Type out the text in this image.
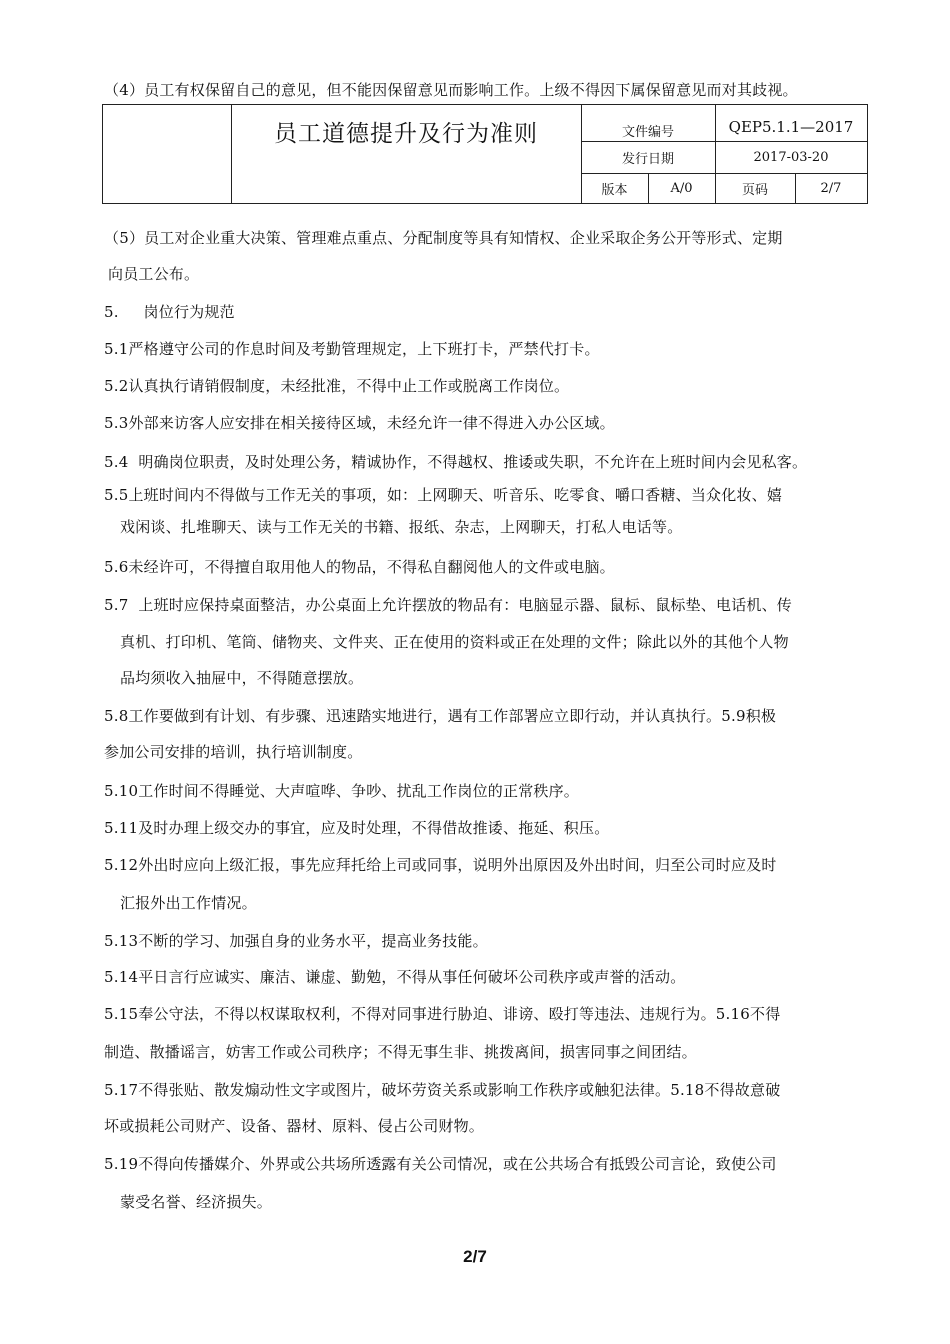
（4）员工有权保留自己的意见，但不能因保留意见而影响工作。上级不得因下属保留意见而对其歧视。
员工道德提升及行为准则	文件编号	QEP5.1.1—2017
发行日期	2017-03-20
版本	A/0	页码	2/7
（5）员工对企业重大决策、管理难点重点、分配制度等具有知情权、企业采取企务公开等形式、定期
向员工公布。
5.     岗位行为规范
5.1严格遵守公司的作息时间及考勤管理规定，上下班打卡，严禁代打卡。
5.2认真执行请销假制度，未经批准，不得中止工作或脱离工作岗位。
5.3外部来访客人应安排在相关接待区域，未经允许一律不得进入办公区域。
5.4  明确岗位职责，及时处理公务，精诚协作，不得越权、推诿或失职，不允许在上班时间内会见私客。
5.5上班时间内不得做与工作无关的事项，如：上网聊天、听音乐、吃零食、嚼口香糖、当众化妆、嬉
戏闲谈、扎堆聊天、读与工作无关的书籍、报纸、杂志，上网聊天，打私人电话等。
5.6未经许可，不得擅自取用他人的物品，不得私自翻阅他人的文件或电脑。
5.7  上班时应保持桌面整洁，办公桌面上允许摆放的物品有：电脑显示器、鼠标、鼠标垫、电话机、传
真机、打印机、笔筒、储物夹、文件夹、正在使用的资料或正在处理的文件；除此以外的其他个人物
品均须收入抽屉中，不得随意摆放。
5.8工作要做到有计划、有步骤、迅速踏实地进行，遇有工作部署应立即行动，并认真执行。5.9积极
参加公司安排的培训，执行培训制度。
5.10工作时间不得睡觉、大声喧哗、争吵、扰乱工作岗位的正常秩序。
5.11及时办理上级交办的事宜，应及时处理，不得借故推诿、拖延、积压。
5.12外出时应向上级汇报，事先应拜托给上司或同事，说明外出原因及外出时间，归至公司时应及时
汇报外出工作情况。
5.13不断的学习、加强自身的业务水平，提高业务技能。
5.14平日言行应诚实、廉洁、谦虚、勤勉，不得从事任何破坏公司秩序或声誉的活动。
5.15奉公守法，不得以权谋取权利，不得对同事进行胁迫、诽谤、殴打等违法、违规行为。5.16不得
制造、散播谣言，妨害工作或公司秩序；不得无事生非、挑拨离间，损害同事之间团结。
5.17不得张贴、散发煽动性文字或图片，破坏劳资关系或影响工作秩序或触犯法律。5.18不得故意破
坏或损耗公司财产、设备、器材、原料、侵占公司财物。
5.19不得向传播媒介、外界或公共场所透露有关公司情况，或在公共场合有抵毁公司言论，致使公司
蒙受名誉、经济损失。
2/7
